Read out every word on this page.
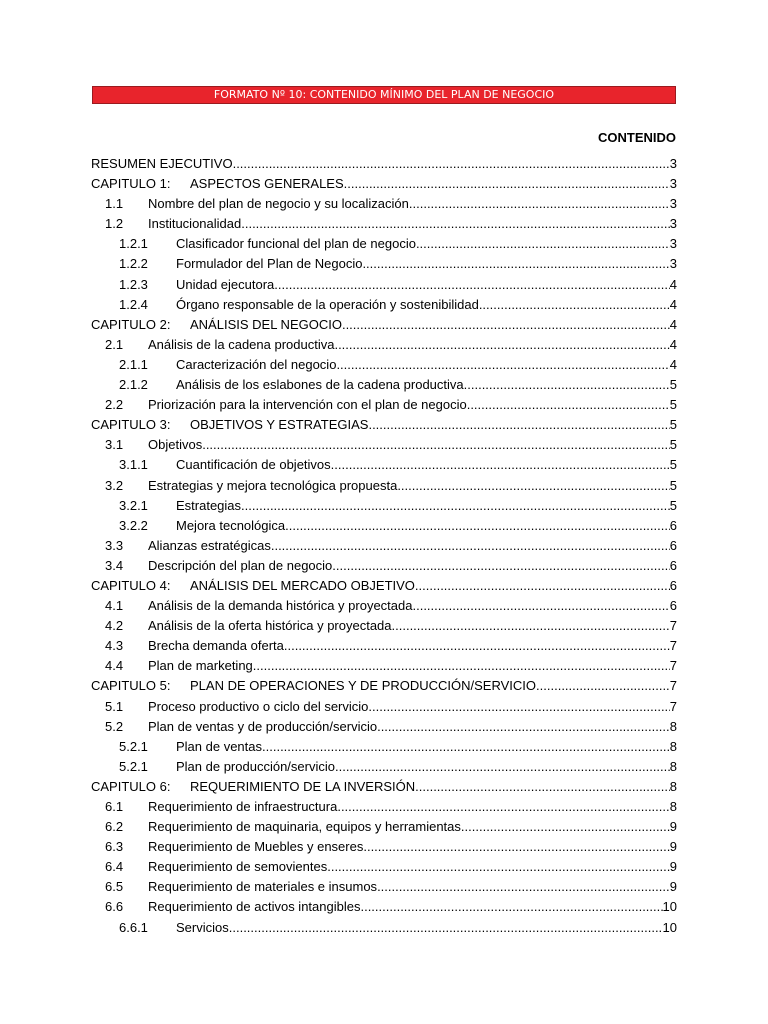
FORMATO Nº 10: CONTENIDO MÍNIMO DEL PLAN DE NEGOCIO
CONTENIDO
RESUMEN EJECUTIVO .....	3
CAPITULO 1:	ASPECTOS GENERALES .....	3
1.1	Nombre del plan de negocio y su localización .....	3
1.2	Institucionalidad .....	3
1.2.1	Clasificador funcional del plan de negocio .....	3
1.2.2	Formulador del Plan de Negocio .....	3
1.2.3	Unidad ejecutora .....	4
1.2.4	Órgano responsable de la operación y sostenibilidad .....	4
CAPITULO 2:	ANÁLISIS DEL NEGOCIO .....	4
2.1	Análisis de la cadena productiva .....	4
2.1.1	Caracterización del negocio .....	4
2.1.2	Análisis de los eslabones de la cadena productiva .....	5
2.2	Priorización para la intervención con el plan de negocio .....	5
CAPITULO 3:	OBJETIVOS Y ESTRATEGIAS .....	5
3.1	Objetivos .....	5
3.1.1	Cuantificación de objetivos .....	5
3.2	Estrategias y mejora tecnológica propuesta .....	5
3.2.1	Estrategias .....	5
3.2.2	Mejora tecnológica .....	6
3.3	Alianzas estratégicas .....	6
3.4	Descripción del plan de negocio .....	6
CAPITULO 4:	ANÁLISIS DEL MERCADO OBJETIVO .....	6
4.1	Análisis de la demanda histórica y proyectada .....	6
4.2	Análisis de la oferta histórica y proyectada .....	7
4.3	Brecha demanda oferta .....	7
4.4	Plan de marketing .....	7
CAPITULO 5:	PLAN DE OPERACIONES Y DE PRODUCCIÓN/SERVICIO .....	7
5.1	Proceso productivo o ciclo del servicio .....	7
5.2	Plan de ventas y de producción/servicio .....	8
5.2.1	Plan de ventas .....	8
5.2.1	Plan de producción/servicio .....	8
CAPITULO 6:	REQUERIMIENTO DE LA INVERSIÓN .....	8
6.1	Requerimiento de infraestructura .....	8
6.2	Requerimiento de maquinaria, equipos y herramientas .....	9
6.3	Requerimiento de Muebles y enseres .....	9
6.4	Requerimiento de semovientes .....	9
6.5	Requerimiento de materiales e insumos .....	9
6.6	Requerimiento de activos intangibles .....	10
6.6.1	Servicios .....	10
